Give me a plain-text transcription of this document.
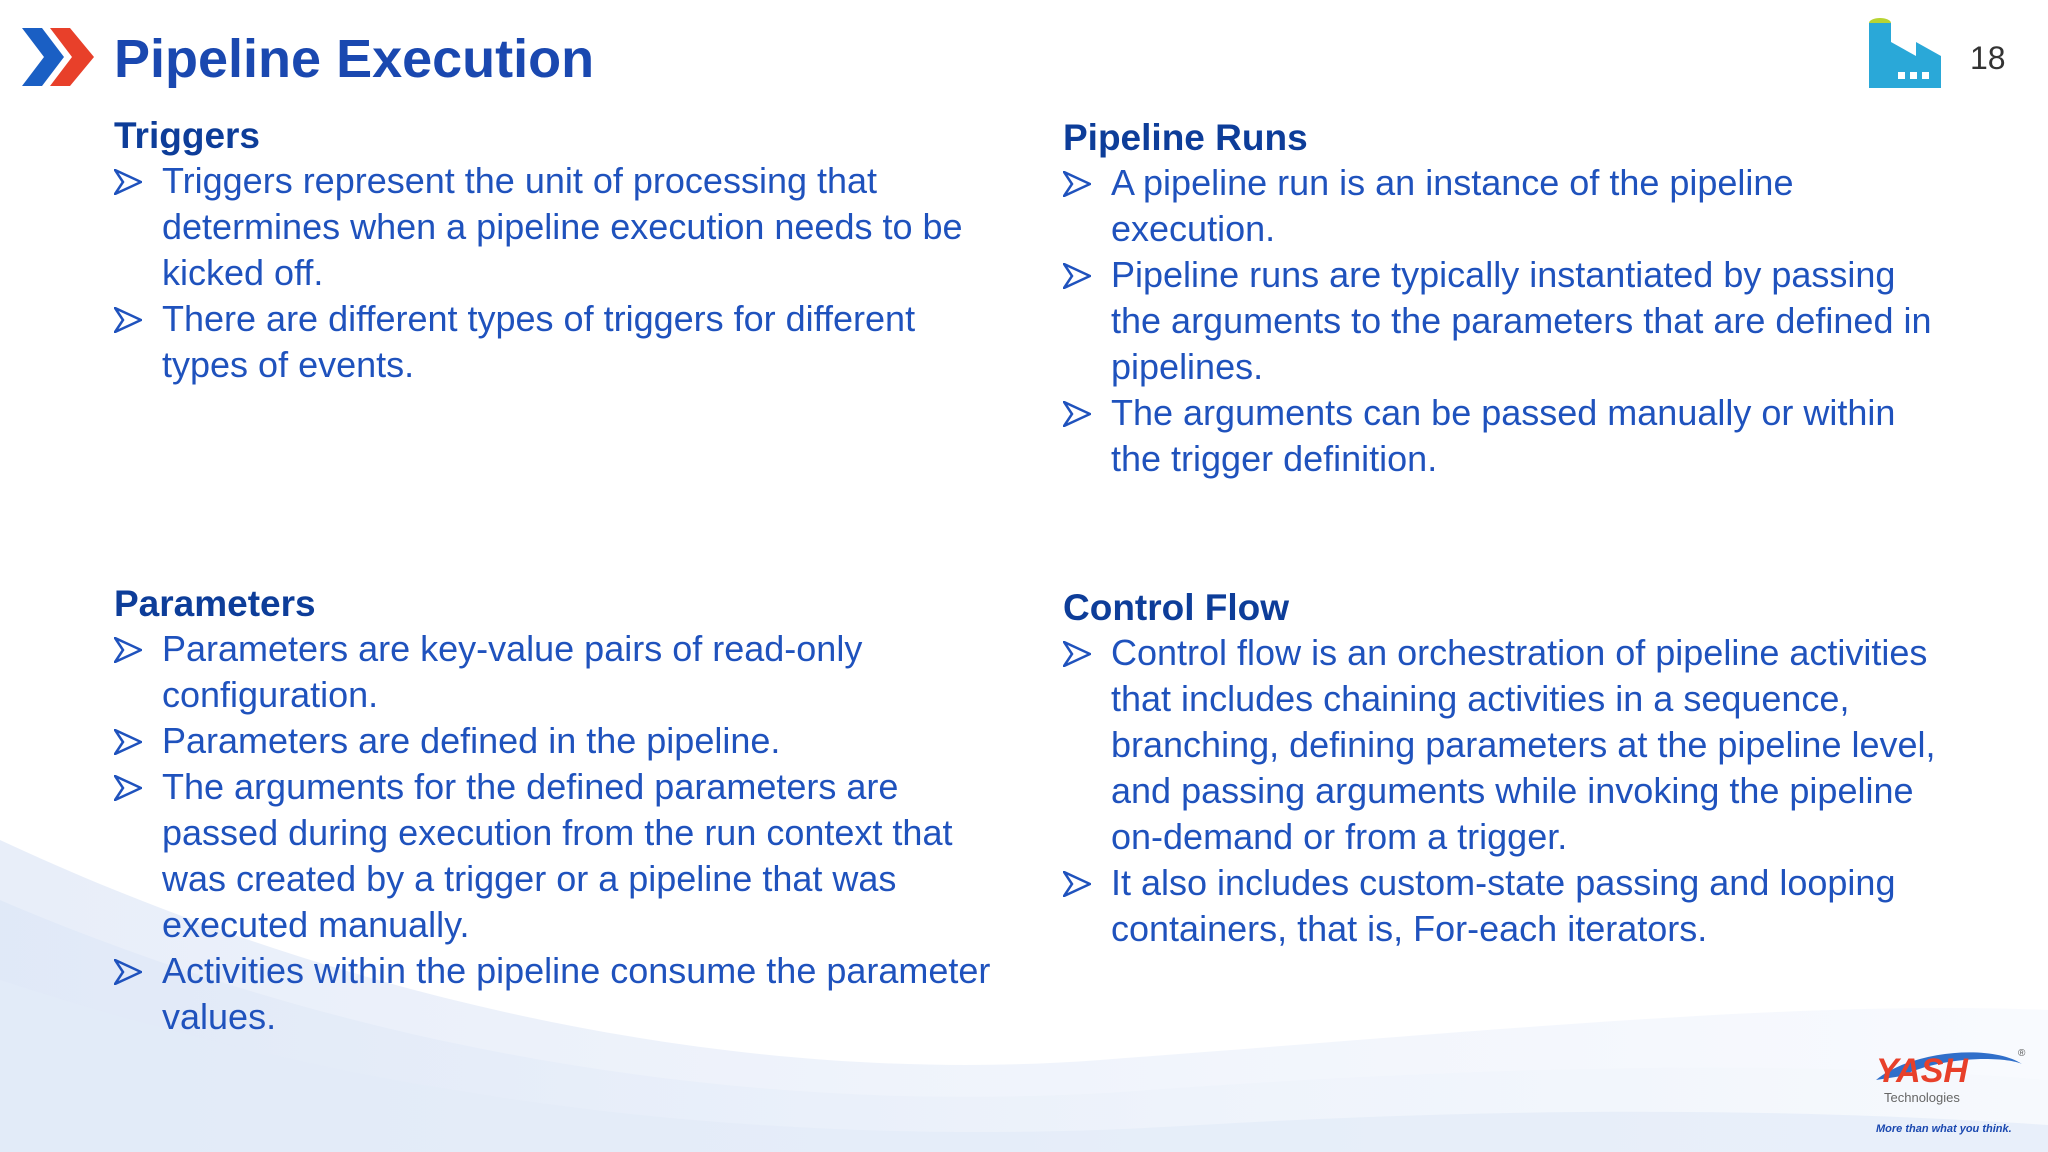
Pipeline Execution	18
Triggers
Triggers represent the unit of processing that determines when a pipeline execution needs to be kicked off.
There are different types of triggers for different types of events.
Pipeline Runs
A pipeline run is an instance of the pipeline execution.
Pipeline runs are typically instantiated by passing the arguments to the parameters that are defined in pipelines.
The arguments can be passed manually or within the trigger definition.
Parameters
Parameters are key-value pairs of read-only configuration.
Parameters are defined in the pipeline.
The arguments for the defined parameters are passed during execution from the run context that was created by a trigger or a pipeline that was executed manually.
Activities within the pipeline consume the parameter values.
Control Flow
Control flow is an orchestration of pipeline activities that includes chaining activities in a sequence, branching, defining parameters at the pipeline level, and passing arguments while invoking the pipeline on-demand or from a trigger.
It also includes custom-state passing and looping containers, that is, For-each iterators.
YASH	®
Technologies
More than what you think.
